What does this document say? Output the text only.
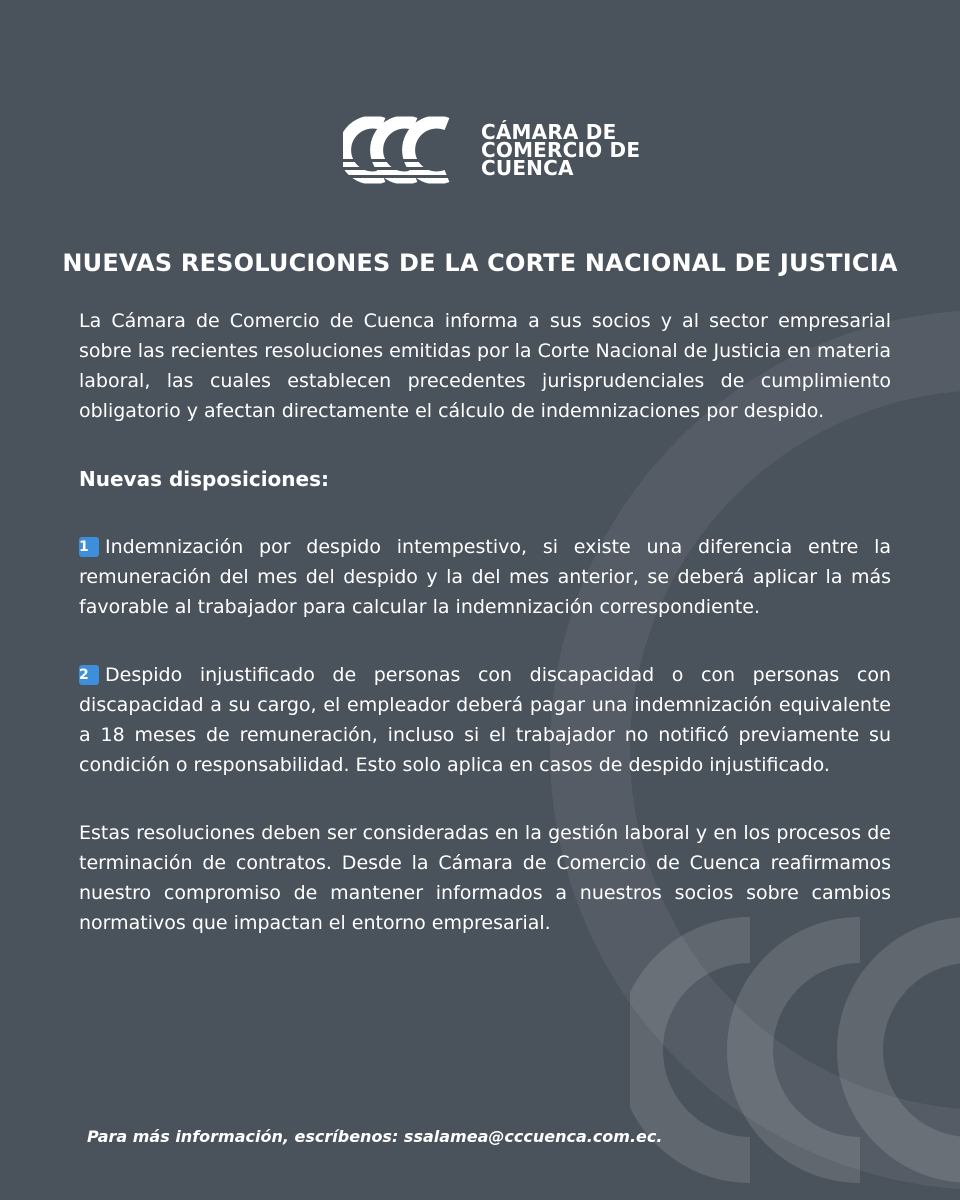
CÁMARA DE
COMERCIO DE
CUENCA
NUEVAS RESOLUCIONES DE LA CORTE NACIONAL DE JUSTICIA

La Cámara de Comercio de Cuenca informa a sus socios y al sector empresarial sobre las recientes resoluciones emitidas por la Corte Nacional de Justicia en materia laboral, las cuales establecen precedentes jurisprudenciales de cumplimiento obligatorio y afectan directamente el cálculo de indemnizaciones por despido.

Nuevas disposiciones:

1 Indemnización por despido intempestivo, si existe una diferencia entre la remuneración del mes del despido y la del mes anterior, se deberá aplicar la más favorable al trabajador para calcular la indemnización correspondiente.

2 Despido injustificado de personas con discapacidad o con personas con discapacidad a su cargo, el empleador deberá pagar una indemnización equivalente a 18 meses de remuneración, incluso si el trabajador no notificó previamente su condición o responsabilidad. Esto solo aplica en casos de despido injustificado.

Estas resoluciones deben ser consideradas en la gestión laboral y en los procesos de terminación de contratos. Desde la Cámara de Comercio de Cuenca reafirmamos nuestro compromiso de mantener informados a nuestros socios sobre cambios normativos que impactan el entorno empresarial.

Para más información, escríbenos: ssalamea@cccuenca.com.ec.
